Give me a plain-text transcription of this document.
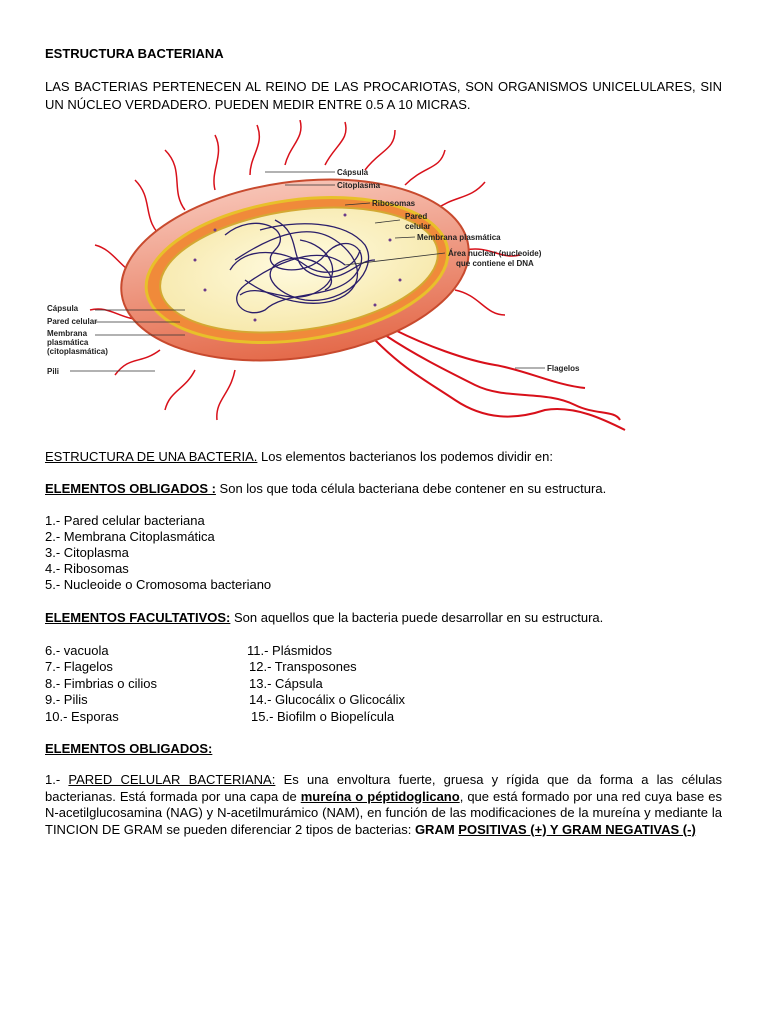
ESTRUCTURA BACTERIANA
LAS BACTERIAS PERTENECEN AL REINO DE LAS PROCARIOTAS, SON ORGANISMOS UNICELULARES, SIN UN NÚCLEO VERDADERO. PUEDEN MEDIR ENTRE 0.5 A 10 MICRAS.
Cápsula
Citoplasma
Ribosomas
Pared
celular
Membrana plasmática
Área nuclear (nucleoide)
que contiene el DNA
Flagelos
Cápsula
Pared celular
Membrana
plasmática
(citoplasmática)
Pili
ESTRUCTURA DE UNA BACTERIA. Los elementos bacterianos los podemos dividir en:
ELEMENTOS OBLIGADOS : Son los que toda célula bacteriana debe contener en su estructura.
1.- Pared celular bacteriana
2.- Membrana Citoplasmática
3.- Citoplasma
4.- Ribosomas
5.- Nucleoide o Cromosoma bacteriano
ELEMENTOS FACULTATIVOS: Son aquellos que la bacteria puede desarrollar en su estructura.
6.- vacuola
7.- Flagelos
8.- Fimbrias o cilios
9.- Pilis
10.- Esporas
11.- Plásmidos
12.- Transposones
13.- Cápsula
14.- Glucocálix o Glicocálix
15.- Biofilm o Biopelícula
ELEMENTOS OBLIGADOS:
1.- PARED CELULAR BACTERIANA: Es una envoltura fuerte, gruesa y rígida que da forma a las células bacterianas. Está formada por una capa de mureína o péptidoglicano, que está formado por una red cuya base es N-acetilglucosamina (NAG) y N-acetilmurámico (NAM), en función de las modificaciones de la mureína y mediante la TINCION DE GRAM se pueden diferenciar 2 tipos de bacterias: GRAM POSITIVAS (+) Y GRAM NEGATIVAS (-)
